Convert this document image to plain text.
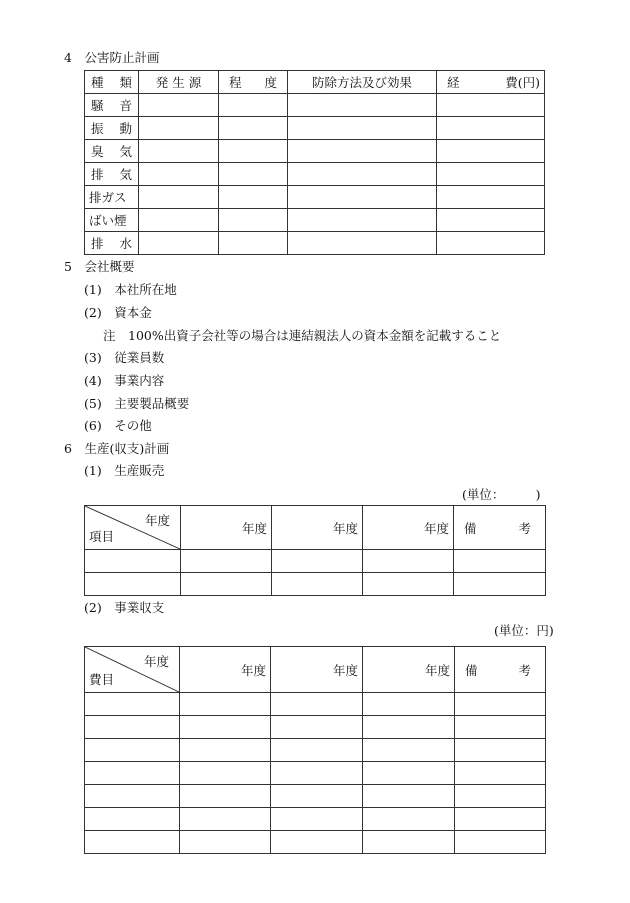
4　公害防止計画
種 類	発 生 源	程 度	防除方法及び効果	経 費(円)

騒 音				

振 動				

臭 気				

排 気				

排ガス				

ばい煙				

排 水				

5　会社概要
(1)　本社所在地
(2)　資本金
注　100%出資子会社等の場合は連結親法人の資本金額を記載すること
(3)　従業員数
(4)　事業内容
(5)　主要製品概要
(6)　その他
6　生産(収支)計画
(1)　生産販売
(単位：　　　)
年度
項目	年度	年度	年度	備 考

(2)　事業収支
(単位：円)
年度
費目	年度	年度	年度	備 考
